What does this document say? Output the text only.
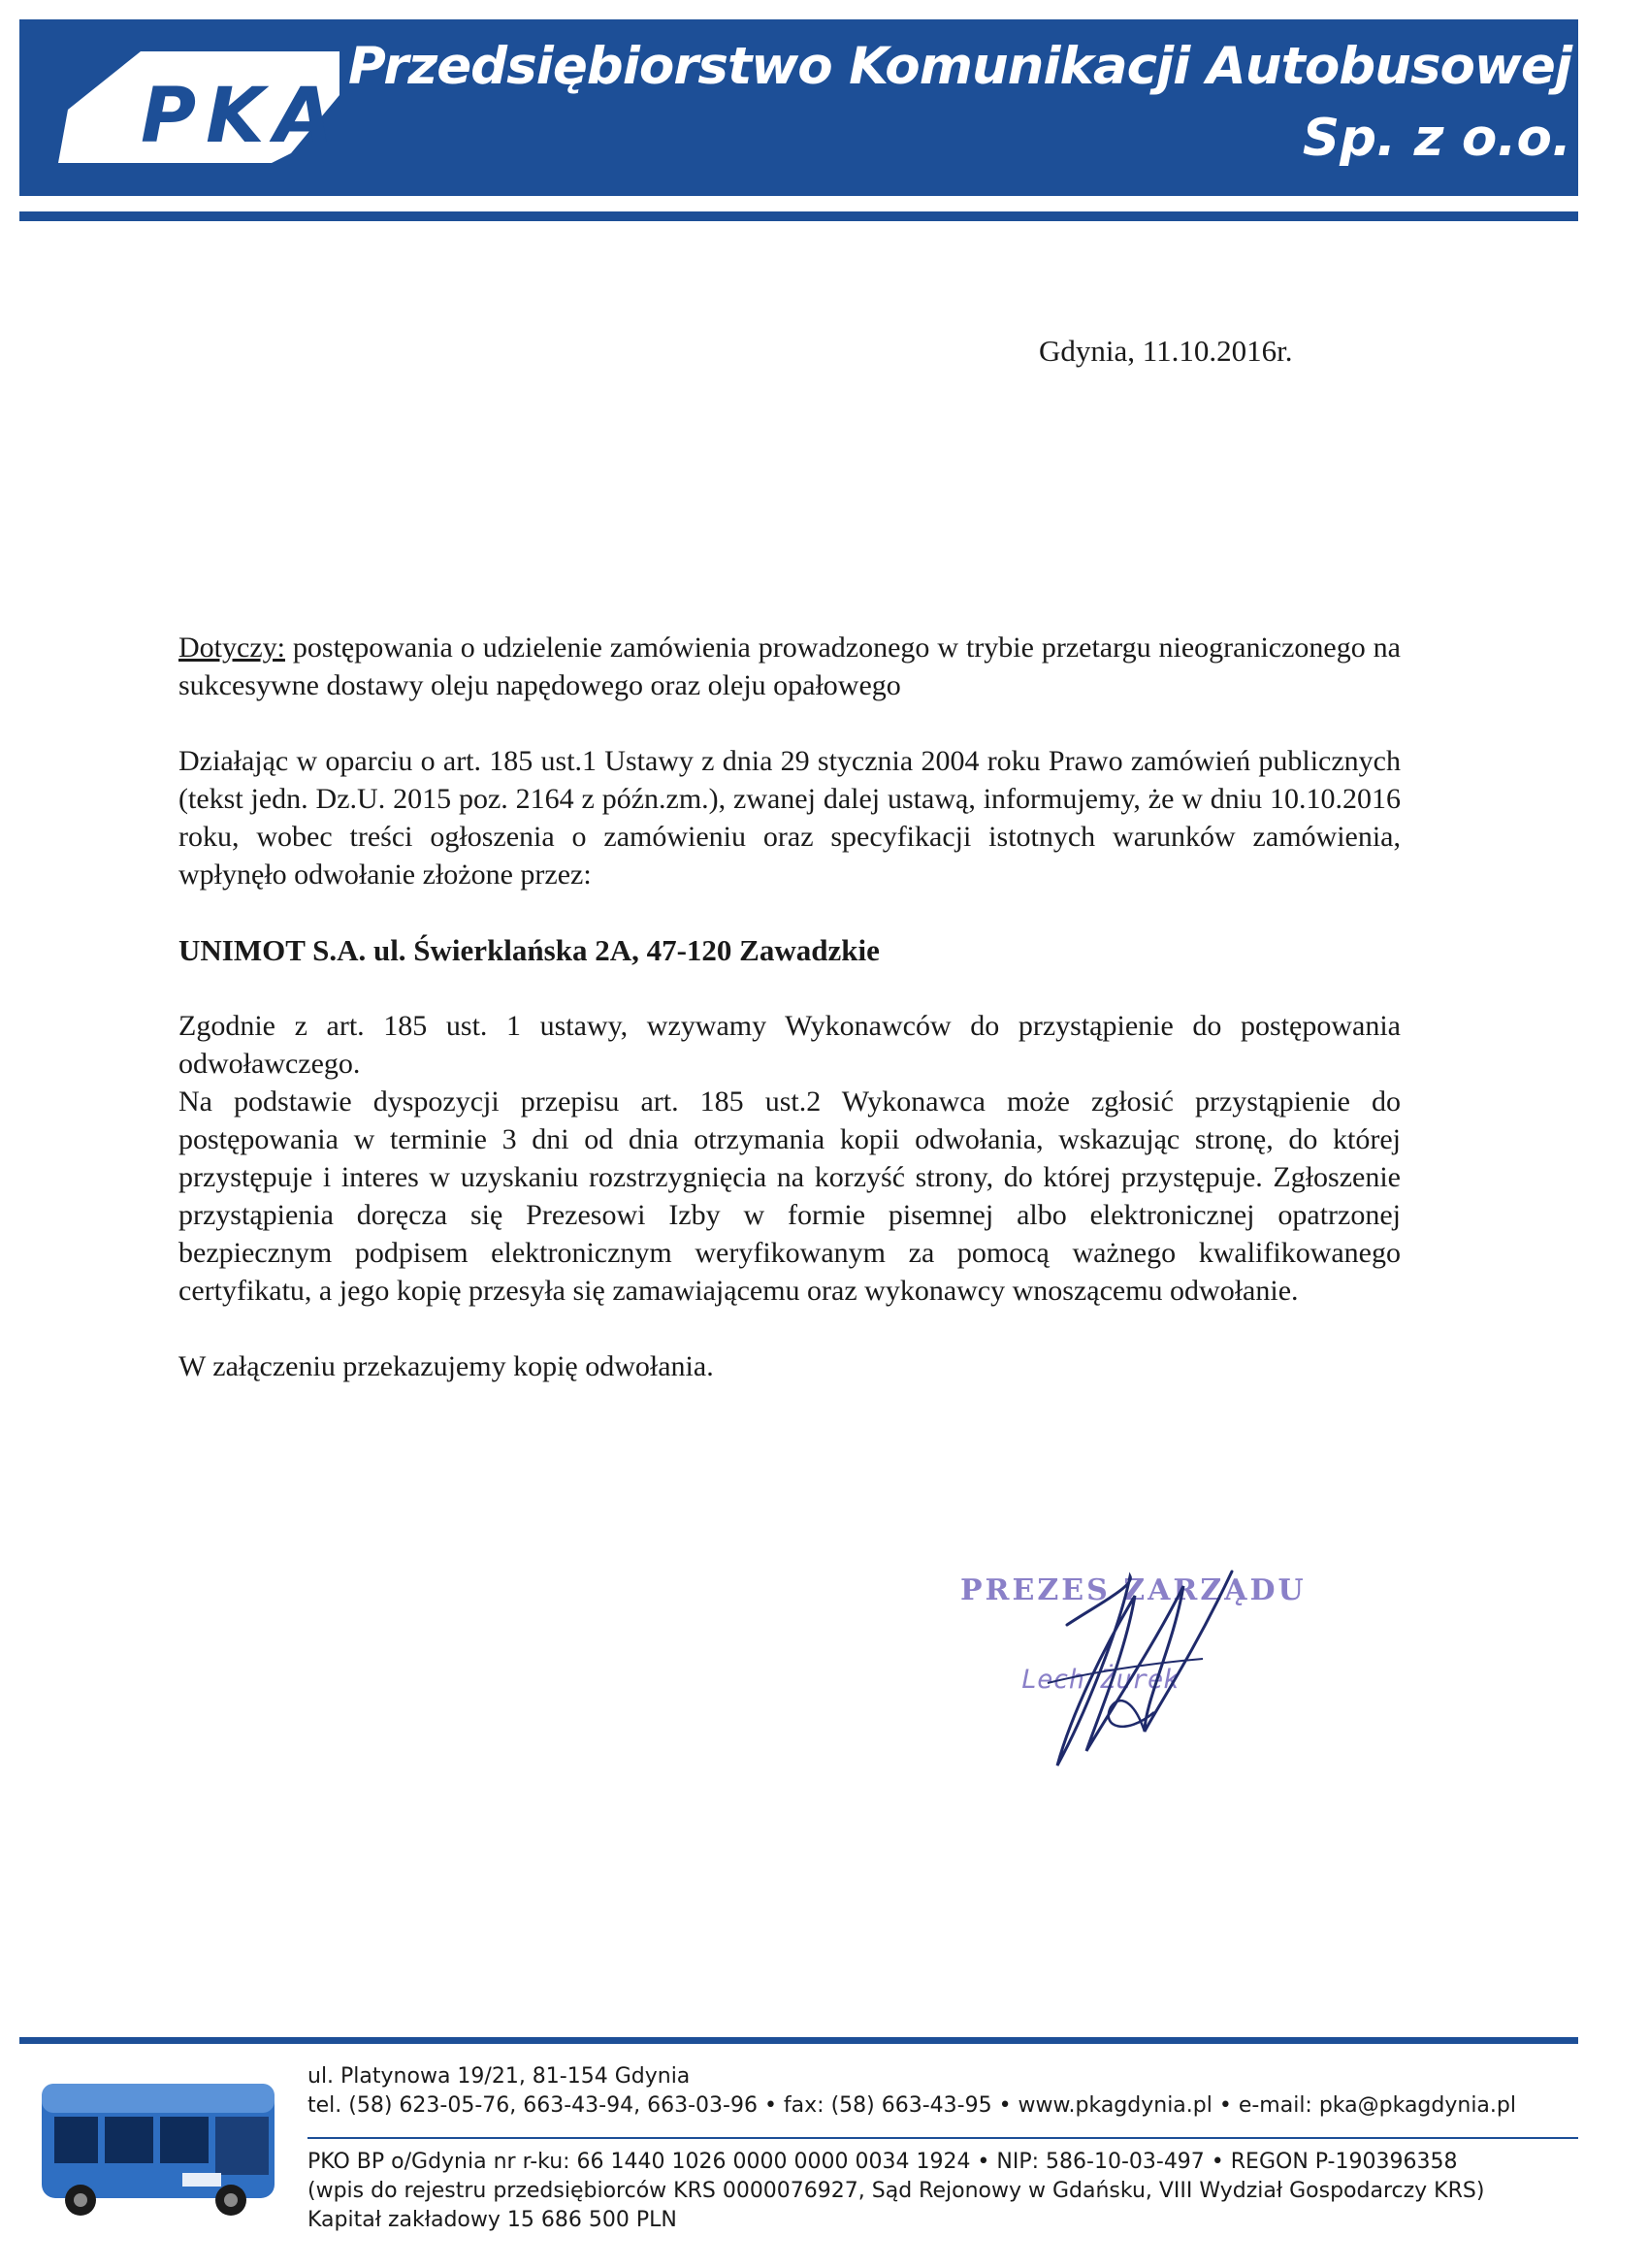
PKA
Przedsiębiorstwo Komunikacji Autobusowej
Sp. z o.o.
Gdynia, 11.10.2016r.

Dotyczy: postępowania o udzielenie zamówienia prowadzonego w trybie przetargu nieograniczonego na sukcesywne dostawy oleju napędowego oraz oleju opałowego

Działając w oparciu o art. 185 ust.1 Ustawy z dnia 29 stycznia 2004 roku Prawo zamówień publicznych (tekst jedn. Dz.U. 2015 poz. 2164 z późn.zm.), zwanej dalej ustawą, informujemy, że w dniu 10.10.2016 roku, wobec treści ogłoszenia o zamówieniu oraz specyfikacji istotnych warunków zamówienia, wpłynęło odwołanie złożone przez:

UNIMOT S.A. ul. Świerklańska 2A, 47-120 Zawadzkie

Zgodnie z art. 185 ust. 1 ustawy, wzywamy Wykonawców do przystąpienie do postępowania odwoławczego.

Na podstawie dyspozycji przepisu art. 185 ust.2 Wykonawca może zgłosić przystąpienie do postępowania w terminie 3 dni od dnia otrzymania kopii odwołania, wskazując stronę, do której przystępuje i interes w uzyskaniu rozstrzygnięcia na korzyść strony, do której przystępuje. Zgłoszenie przystąpienia doręcza się Prezesowi Izby w formie pisemnej albo elektronicznej opatrzonej bezpiecznym podpisem elektronicznym weryfikowanym za pomocą ważnego kwalifikowanego certyfikatu, a jego kopię przesyła się zamawiającemu oraz wykonawcy wnoszącemu odwołanie.

W załączeniu przekazujemy kopię odwołania.

PREZES ZARZĄDU
Lech Żurek
ul. Platynowa 19/21, 81-154 Gdynia
tel. (58) 623-05-76, 663-43-94, 663-03-96 • fax: (58) 663-43-95 • www.pkagdynia.pl • e-mail: pka@pkagdynia.pl
PKO BP o/Gdynia nr r-ku: 66 1440 1026 0000 0000 0034 1924 • NIP: 586-10-03-497 • REGON P-190396358
(wpis do rejestru przedsiębiorców KRS 0000076927, Sąd Rejonowy w Gdańsku, VIII Wydział Gospodarczy KRS)
Kapitał zakładowy 15 686 500 PLN
